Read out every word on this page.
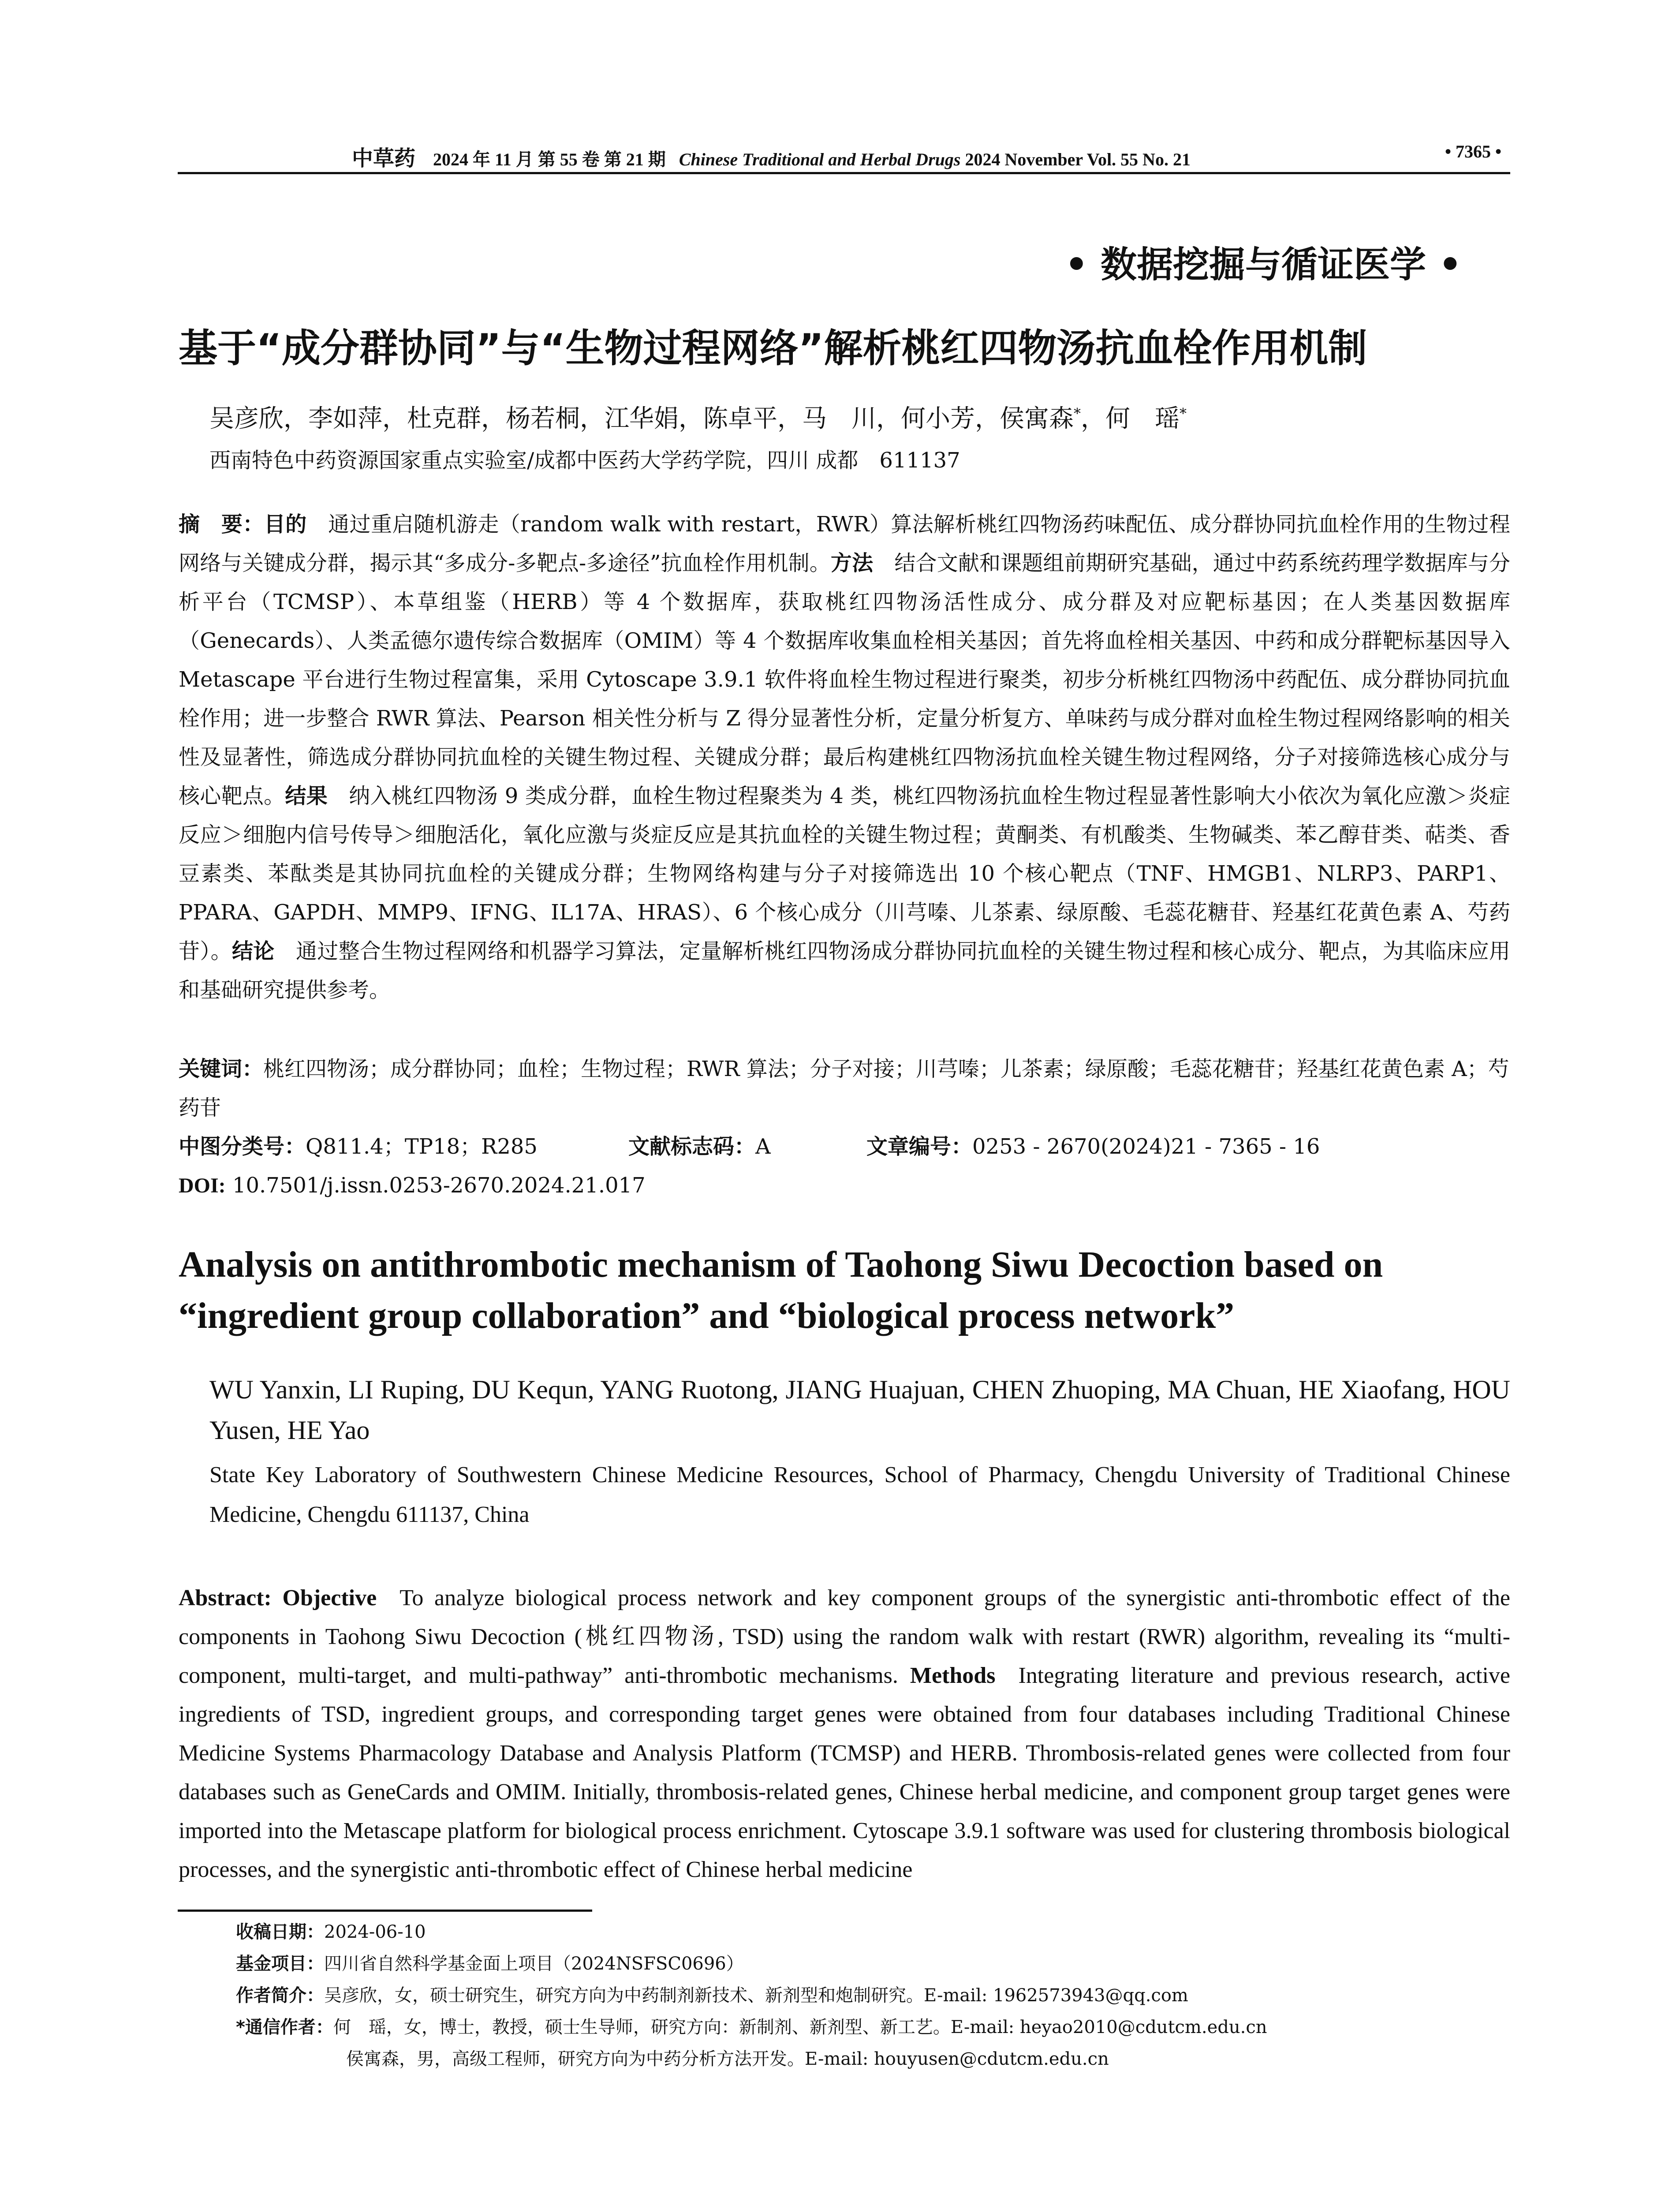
中草药 2024 年 11 月 第 55 卷 第 21 期 Chinese Traditional and Herbal Drugs 2024 November Vol. 55 No. 21	• 7365 •
• 数据挖掘与循证医学 •
基于“成分群协同”与“生物过程网络”解析桃红四物汤抗血栓作用机制
吴彦欣，李如萍，杜克群，杨若桐，江华娟，陈卓平，马　川，何小芳，侯寓森*，何　瑶*
西南特色中药资源国家重点实验室/成都中医药大学药学院，四川 成都　611137
摘　要：目的  通过重启随机游走（random walk with restart，RWR）算法解析桃红四物汤药味配伍、成分群协同抗血栓作用的生物过程网络与关键成分群，揭示其“多成分-多靶点-多途径”抗血栓作用机制。方法  结合文献和课题组前期研究基础，通过中药系统药理学数据库与分析平台（TCMSP）、本草组鉴（HERB）等 4 个数据库，获取桃红四物汤活性成分、成分群及对应靶标基因；在人类基因数据库（Genecards）、人类孟德尔遗传综合数据库（OMIM）等 4 个数据库收集血栓相关基因；首先将血栓相关基因、中药和成分群靶标基因导入 Metascape 平台进行生物过程富集，采用 Cytoscape 3.9.1 软件将血栓生物过程进行聚类，初步分析桃红四物汤中药配伍、成分群协同抗血栓作用；进一步整合 RWR 算法、Pearson 相关性分析与 Z 得分显著性分析，定量分析复方、单味药与成分群对血栓生物过程网络影响的相关性及显著性，筛选成分群协同抗血栓的关键生物过程、关键成分群；最后构建桃红四物汤抗血栓关键生物过程网络，分子对接筛选核心成分与核心靶点。结果  纳入桃红四物汤 9 类成分群，血栓生物过程聚类为 4 类，桃红四物汤抗血栓生物过程显著性影响大小依次为氧化应激＞炎症反应＞细胞内信号传导＞细胞活化，氧化应激与炎症反应是其抗血栓的关键生物过程；黄酮类、有机酸类、生物碱类、苯乙醇苷类、萜类、香豆素类、苯酞类是其协同抗血栓的关键成分群；生物网络构建与分子对接筛选出 10 个核心靶点（TNF、HMGB1、NLRP3、PARP1、PPARA、GAPDH、MMP9、IFNG、IL17A、HRAS）、6 个核心成分（川芎嗪、儿茶素、绿原酸、毛蕊花糖苷、羟基红花黄色素 A、芍药苷）。结论  通过整合生物过程网络和机器学习算法，定量解析桃红四物汤成分群协同抗血栓的关键生物过程和核心成分、靶点，为其临床应用和基础研究提供参考。
关键词：桃红四物汤；成分群协同；血栓；生物过程；RWR 算法；分子对接；川芎嗪；儿茶素；绿原酸；毛蕊花糖苷；羟基红花黄色素 A；芍药苷
中图分类号：Q811.4；TP18；R285	文献标志码：A	文章编号：0253 - 2670(2024)21 - 7365 - 16
DOI: 10.7501/j.issn.0253-2670.2024.21.017
Analysis on antithrombotic mechanism of Taohong Siwu Decoction based on “ingredient group collaboration” and “biological process network”
WU Yanxin, LI Ruping, DU Kequn, YANG Ruotong, JIANG Huajuan, CHEN Zhuoping, MA Chuan, HE Xiaofang, HOU Yusen, HE Yao
State Key Laboratory of Southwestern Chinese Medicine Resources, School of Pharmacy, Chengdu University of Traditional Chinese Medicine, Chengdu 611137, China
Abstract: Objective  To analyze biological process network and key component groups of the synergistic anti-thrombotic effect of the components in Taohong Siwu Decoction (桃红四物汤, TSD) using the random walk with restart (RWR) algorithm, revealing its “multi-component, multi-target, and multi-pathway” anti-thrombotic mechanisms. Methods  Integrating literature and previous research, active ingredients of TSD, ingredient groups, and corresponding target genes were obtained from four databases including Traditional Chinese Medicine Systems Pharmacology Database and Analysis Platform (TCMSP) and HERB. Thrombosis-related genes were collected from four databases such as GeneCards and OMIM. Initially, thrombosis-related genes, Chinese herbal medicine, and component group target genes were imported into the Metascape platform for biological process enrichment. Cytoscape 3.9.1 software was used for clustering thrombosis biological processes, and the synergistic anti-thrombotic effect of Chinese herbal medicine
收稿日期：2024-06-10
基金项目：四川省自然科学基金面上项目（2024NSFSC0696）
作者简介：吴彦欣，女，硕士研究生，研究方向为中药制剂新技术、新剂型和炮制研究。E-mail: 1962573943@qq.com
*通信作者：何　瑶，女，博士，教授，硕士生导师，研究方向：新制剂、新剂型、新工艺。E-mail: heyao2010@cdutcm.edu.cn
侯寓森，男，高级工程师，研究方向为中药分析方法开发。E-mail: houyusen@cdutcm.edu.cn
